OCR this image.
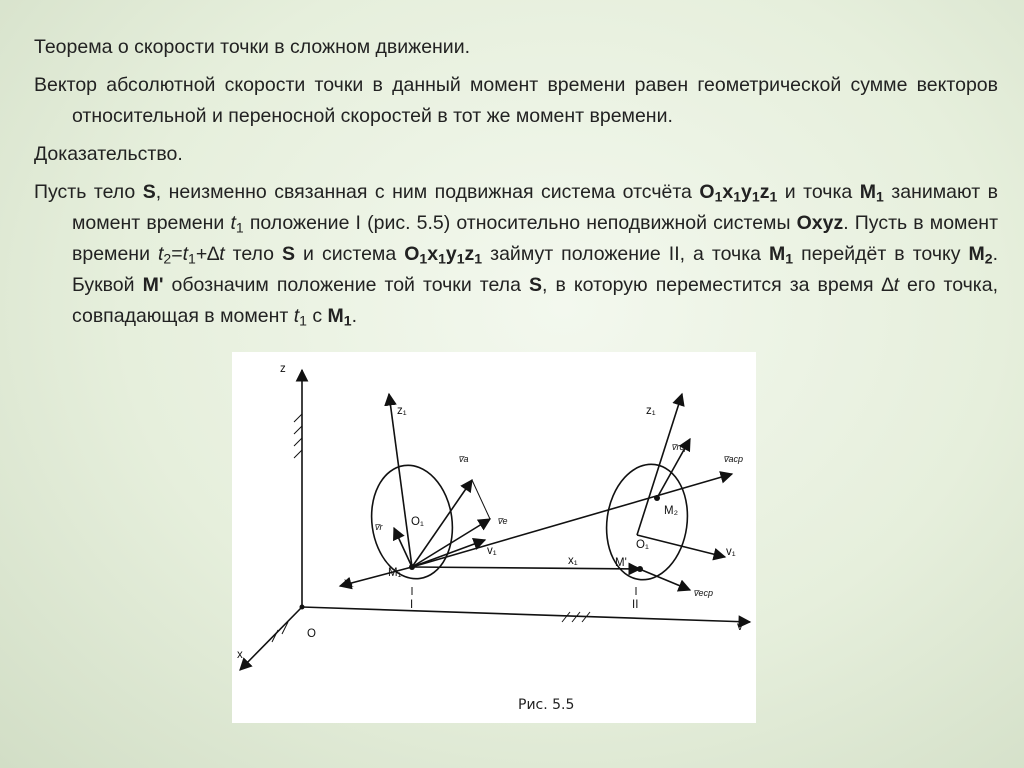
Теорема о скорости точки в сложном движении.

Вектор абсолютной скорости точки в данный момент времени равен геометрической сумме векторов относительной и переносной скоростей в тот же момент времени.

Доказательство.

Пусть тело S, неизменно связанная с ним подвижная система отсчёта $O_1x_1y_1z_1$ и точка $M_1$ занимают в момент времени $t_1$ положение I (рис. 5.5) относительно неподвижной системы Oxyz. Пусть в момент времени $t_2=t_1+\Delta t$ тело S и система $O_1x_1y_1z_1$ займут положение II, а точка $M_1$ перейдёт в точку $M_2$. Буквой M' обозначим положение той точки тела S, в которую переместится за время ∆t его точка, совпадающая в момент $t_1$ с $M_1$.

z
x
v
O
z₁	z₁
x₁
x₁
v₁	v₁
O₁
O₁
M₁
M₂
M'
I	II
v̅a
v̅e
v̅r
v̅rcp
v̅acp
v̅ecp
Рис. 5.5
